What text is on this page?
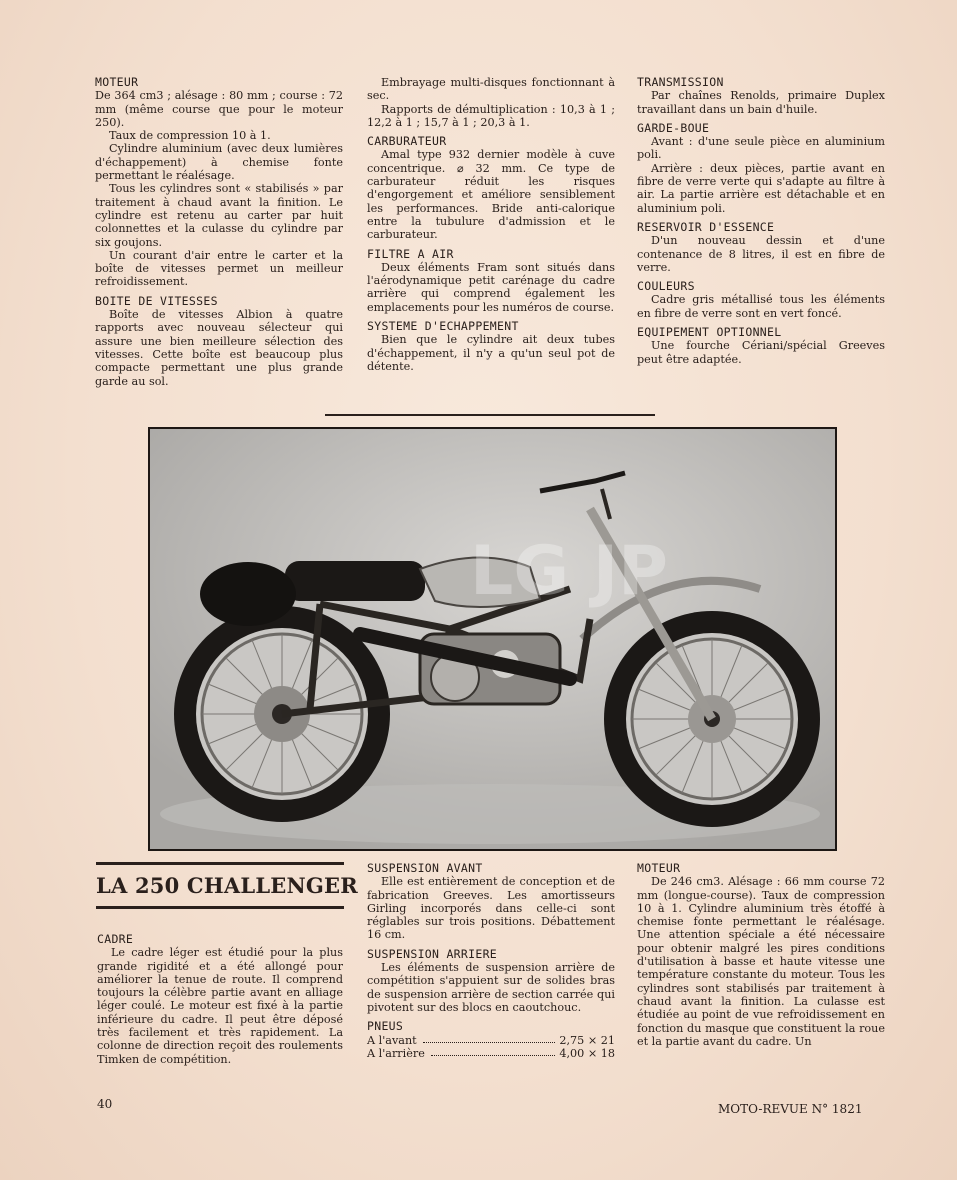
MOTEUR

De 364 cm3 ; alésage : 80 mm ; course : 72 mm (même course que pour le moteur 250).

Taux de compression 10 à 1.

Cylindre aluminium (avec deux lumières d'échappement) à chemise fonte permettant le réalésage.

Tous les cylindres sont « stabilisés » par traitement à chaud avant la finition. Le cylindre est retenu au carter par huit colonnettes et la culasse du cylindre par six goujons.

Un courant d'air entre le carter et la boîte de vitesses permet un meilleur refroidissement.

BOITE DE VITESSES

Boîte de vitesses Albion à quatre rapports avec nouveau sélecteur qui assure une bien meilleure sélection des vitesses. Cette boîte est beaucoup plus compacte permettant une plus grande garde au sol.

Embrayage multi-disques fonctionnant à sec.

Rapports de démultiplication : 10,3 à 1 ; 12,2 à 1 ; 15,7 à 1 ; 20,3 à 1.

CARBURATEUR

Amal type 932 dernier modèle à cuve concentrique. ⌀ 32 mm. Ce type de carburateur réduit les risques d'engorgement et améliore sensiblement les performances. Bride anti-calorique entre la tubulure d'admission et le carburateur.

FILTRE A AIR

Deux éléments Fram sont situés dans l'aérodynamique petit carénage du cadre arrière qui comprend également les emplacements pour les numéros de course.

SYSTEME D'ECHAPPEMENT

Bien que le cylindre ait deux tubes d'échappement, il n'y a qu'un seul pot de détente.

TRANSMISSION

Par chaînes Renolds, primaire Duplex travaillant dans un bain d'huile.

GARDE-BOUE

Avant : d'une seule pièce en aluminium poli.

Arrière : deux pièces, partie avant en fibre de verre verte qui s'adapte au filtre à air. La partie arrière est détachable et en aluminium poli.

RESERVOIR D'ESSENCE

D'un nouveau dessin et d'une contenance de 8 litres, il est en fibre de verre.

COULEURS

Cadre gris métallisé tous les éléments en fibre de verre sont en vert foncé.

EQUIPEMENT OPTIONNEL

Une fourche Cériani/spécial Greeves peut être adaptée.

LG JP
LA 250 CHALLENGER
CADRE

Le cadre léger est étudié pour la plus grande rigidité et a été allongé pour améliorer la tenue de route. Il comprend toujours la célèbre partie avant en alliage léger coulé. Le moteur est fixé à la partie inférieure du cadre. Il peut être déposé très facilement et très rapidement. La colonne de direction reçoit des roulements Timken de compétition.

SUSPENSION AVANT

Elle est entièrement de conception et de fabrication Greeves. Les amortisseurs Girling incorporés dans celle-ci sont réglables sur trois positions. Débattement 16 cm.

SUSPENSION ARRIERE

Les éléments de suspension arrière de compétition s'appuient sur de solides bras de suspension arrière de section carrée qui pivotent sur des blocs en caoutchouc.

PNEUS
A l'avant	2,75 × 21
A l'arrière	4,00 × 18
MOTEUR

De 246 cm3. Alésage : 66 mm course 72 mm (longue-course). Taux de compression 10 à 1. Cylindre aluminium très étoffé à chemise fonte permettant le réalésage. Une attention spéciale a été nécessaire pour obtenir malgré les pires conditions d'utilisation à basse et haute vitesse une température constante du moteur. Tous les cylindres sont stabilisés par traitement à chaud avant la finition. La culasse est étudiée au point de vue refroidissement en fonction du masque que constituent la roue et la partie avant du cadre. Un

40	MOTO-REVUE N° 1821
